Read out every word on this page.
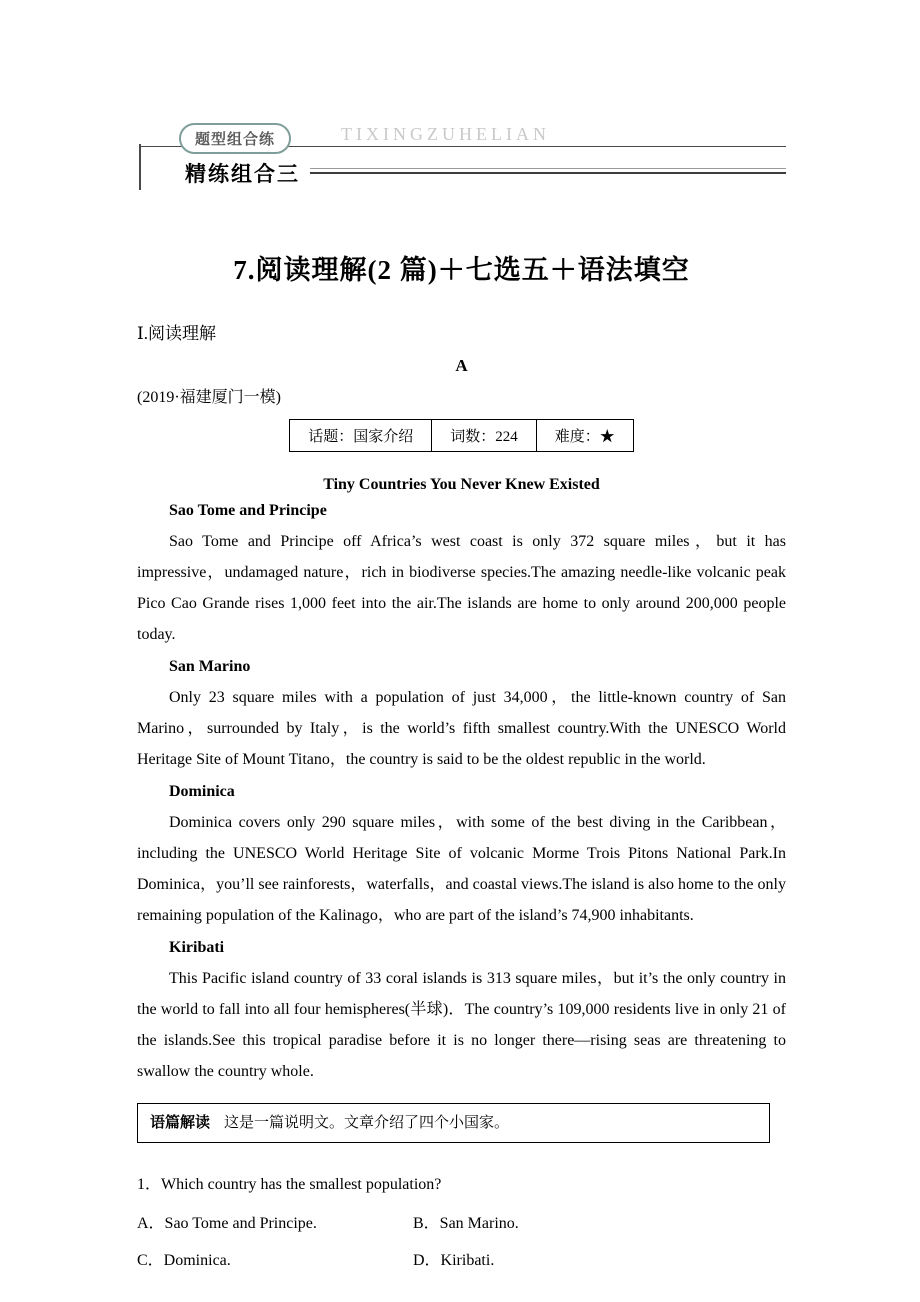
题型组合练	TIXINGZUHELIAN
精练组合三
7.阅读理解(2 篇)＋七选五＋语法填空
Ⅰ.阅读理解
A
(2019·福建厦门一模)
话题：国家介绍	词数：224	难度：★
Tiny Countries You Never Knew Existed

Sao Tome and Principe

Sao Tome and Principe off Africa’s west coast is only 372 square miles，but it has impressive，undamaged nature，rich in biodiverse species.The amazing needle-like volcanic peak Pico Cao Grande rises 1,000 feet into the air.The islands are home to only around 200,000 people today.

San Marino

Only 23 square miles with a population of just 34,000，the little-known country of San Marino，surrounded by Italy，is the world’s fifth smallest country.With the UNESCO World Heritage Site of Mount Titano，the country is said to be the oldest republic in the world.

Dominica

Dominica covers only 290 square miles，with some of the best diving in the Caribbean，including the UNESCO World Heritage Site of volcanic Morme Trois Pitons National Park.In Dominica，you’ll see rainforests，waterfalls，and coastal views.The island is also home to the only remaining population of the Kalinago，who are part of the island’s 74,900 inhabitants.

Kiribati

This Pacific island country of 33 coral islands is 313 square miles，but it’s the only country in the world to fall into all four hemispheres(半球)．The country’s 109,000 residents live in only 21 of the islands.See this tropical paradise before it is no longer there—rising seas are threatening to swallow the country whole.

语篇解读 这是一篇说明文。文章介绍了四个小国家。
1．Which country has the smallest population?
A．Sao Tome and Principe.	B．San Marino.
C．Dominica.	D．Kiribati.
